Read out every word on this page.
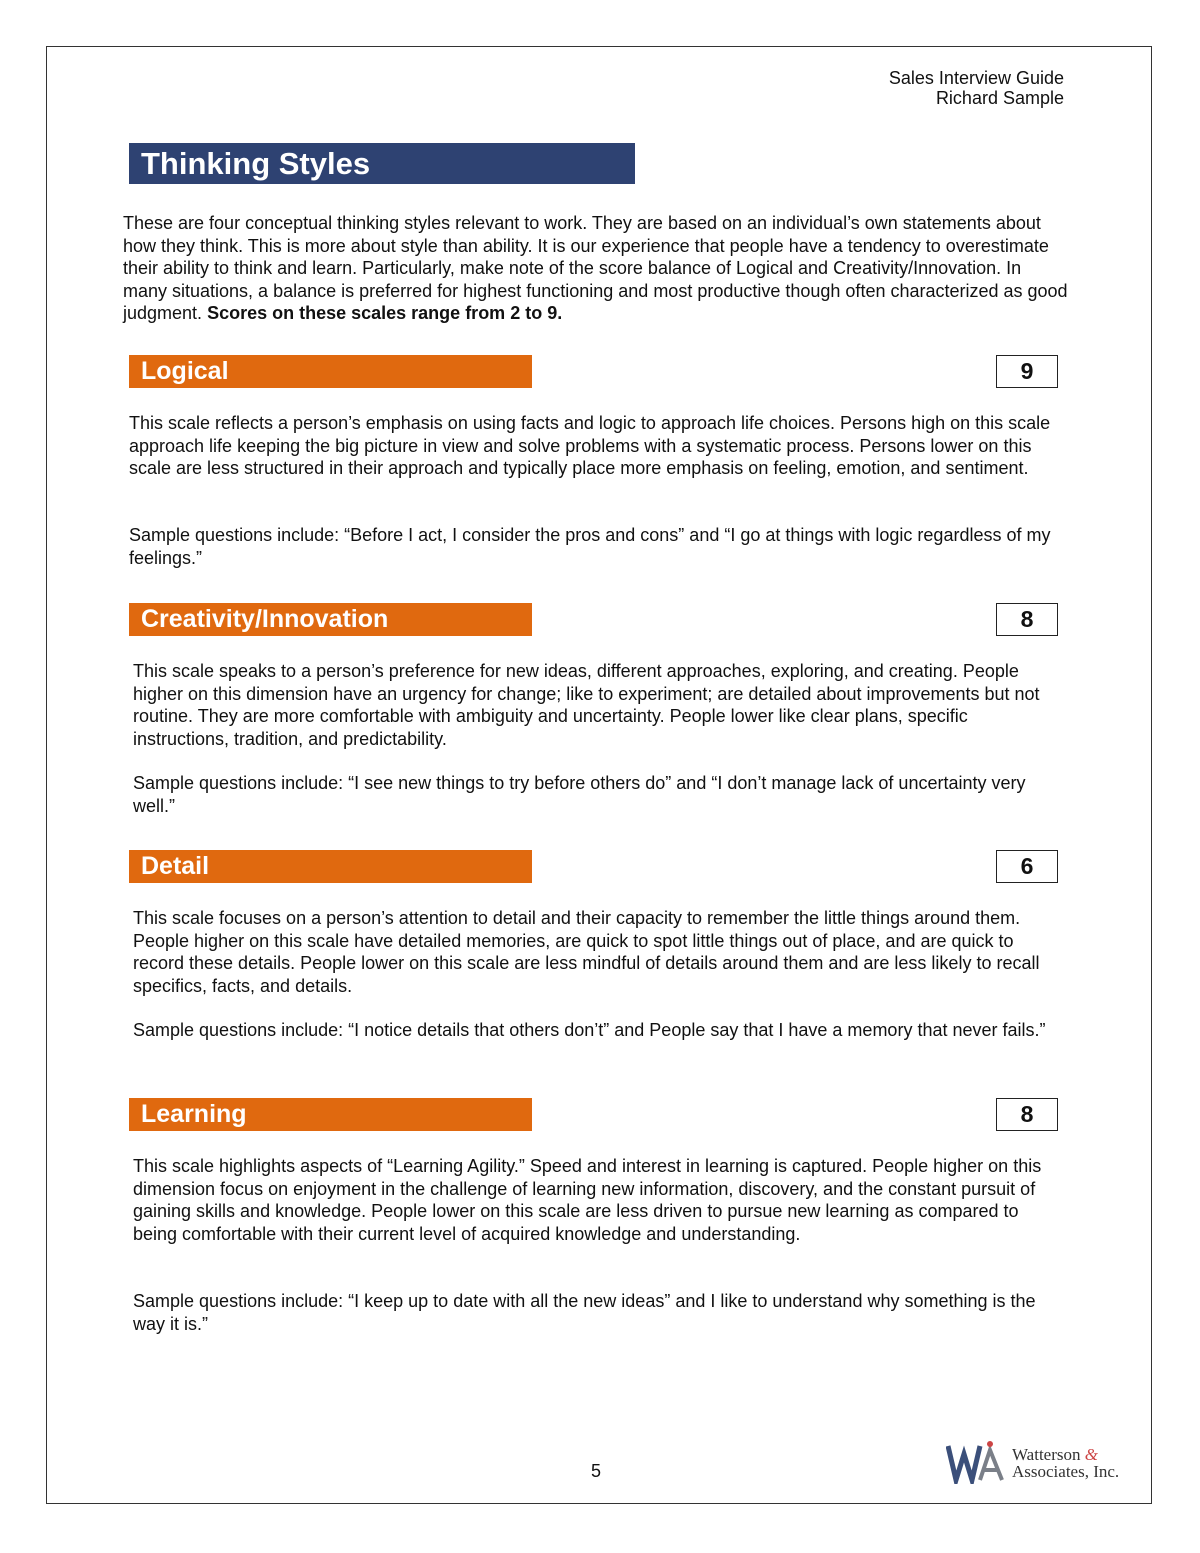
Sales Interview Guide
Richard Sample
Thinking Styles

These are four conceptual thinking styles relevant to work. They are based on an individual’s own statements about how they think. This is more about style than ability. It is our experience that people have a tendency to overestimate their ability to think and learn. Particularly, make note of the score balance of Logical and Creativity/Innovation. In many situations, a balance is preferred for highest functioning and most productive though often characterized as good judgment. Scores on these scales range from 2 to 9.

Logical	9

This scale reflects a person’s emphasis on using facts and logic to approach life choices. Persons high on this scale approach life keeping the big picture in view and solve problems with a systematic process. Persons lower on this scale are less structured in their approach and typically place more emphasis on feeling, emotion, and sentiment.

Sample questions include: “Before I act, I consider the pros and cons” and “I go at things with logic regardless of my feelings.”

Creativity/Innovation	8

This scale speaks to a person’s preference for new ideas, different approaches, exploring, and creating. People higher on this dimension have an urgency for change; like to experiment; are detailed about improvements but not routine. They are more comfortable with ambiguity and uncertainty. People lower like clear plans, specific instructions, tradition, and predictability.

Sample questions include: “I see new things to try before others do” and “I don’t manage lack of uncertainty very well.”

Detail	6

This scale focuses on a person’s attention to detail and their capacity to remember the little things around them. People higher on this scale have detailed memories, are quick to spot little things out of place, and are quick to record these details. People lower on this scale are less mindful of details around them and are less likely to recall specifics, facts, and details.

Sample questions include: “I notice details that others don’t” and People say that I have a memory that never fails.”

Learning	8

This scale highlights aspects of “Learning Agility.” Speed and interest in learning is captured. People higher on this dimension focus on enjoyment in the challenge of learning new information, discovery, and the constant pursuit of gaining skills and knowledge. People lower on this scale are less driven to pursue new learning as compared to being comfortable with their current level of acquired knowledge and understanding.

Sample questions include: “I keep up to date with all the new ideas” and I like to understand why something is the way it is.”

5
Watterson &
Associates, Inc.
